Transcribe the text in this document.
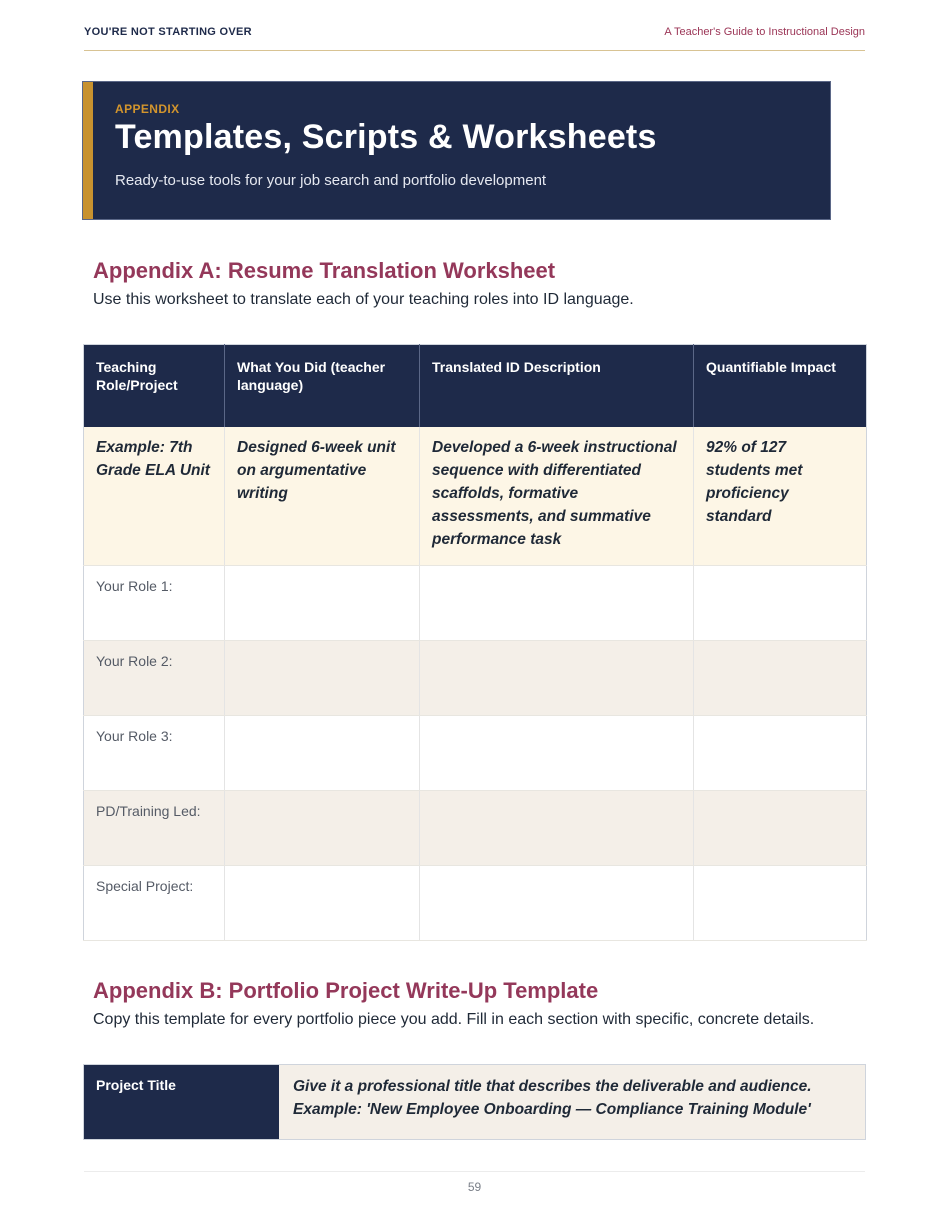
YOU'RE NOT STARTING OVER	A Teacher's Guide to Instructional Design
APPENDIX
Templates, Scripts & Worksheets
Ready-to-use tools for your job search and portfolio development
Appendix A: Resume Translation Worksheet

Use this worksheet to translate each of your teaching roles into ID language.

Teaching Role/Project	What You Did (teacher language)	Translated ID Description	Quantifiable Impact
Example: 7th Grade ELA Unit	Designed 6-week unit on argumentative writing	Developed a 6-week instructional sequence with differentiated scaffolds, formative assessments, and summative performance task	92% of 127 students met proficiency standard
Your Role 1:			
Your Role 2:			
Your Role 3:			
PD/Training Led:			
Special Project:			
Appendix B: Portfolio Project Write-Up Template

Copy this template for every portfolio piece you add. Fill in each section with specific, concrete details.

Project Title	Give it a professional title that describes the deliverable and audience. Example: 'New Employee Onboarding — Compliance Training Module'
59
